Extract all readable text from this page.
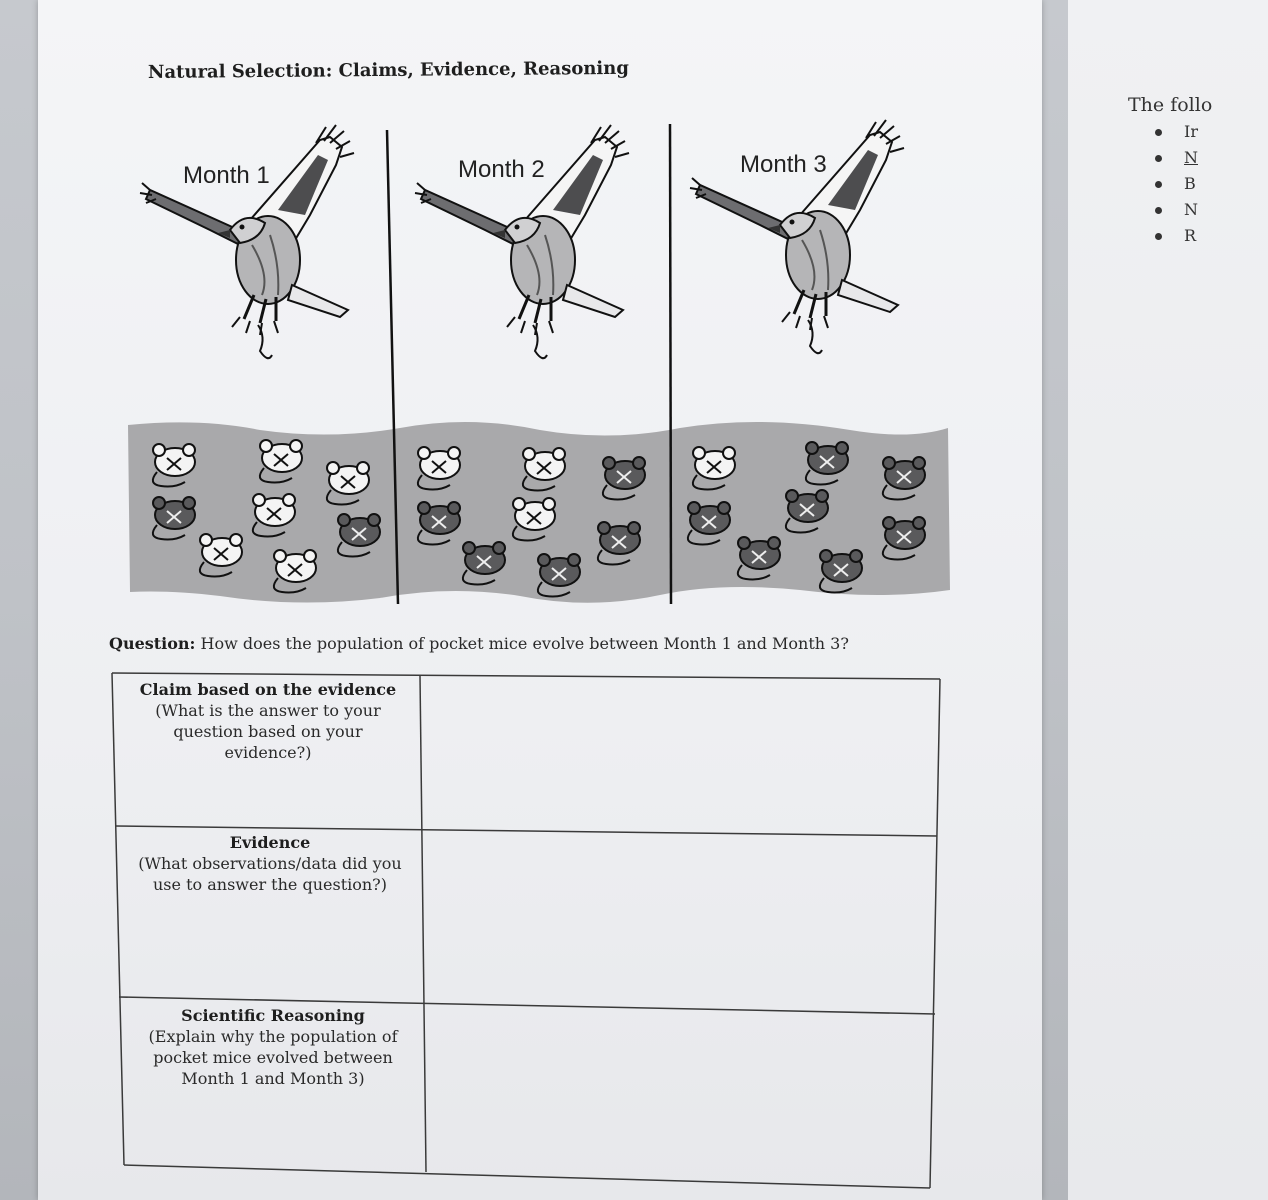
The follo
Ir
N
B
N
R
Natural Selection: Claims, Evidence, Reasoning
Month 1	Month 2	Month 3
Question: How does the population of pocket mice evolve between Month 1 and Month 3?
Claim based on the evidence
(What is the answer to your question based on your evidence?)
Evidence
(What observations/data did you use to answer the question?)
Scientific Reasoning
(Explain why the population of pocket mice evolved between Month 1 and Month 3)
